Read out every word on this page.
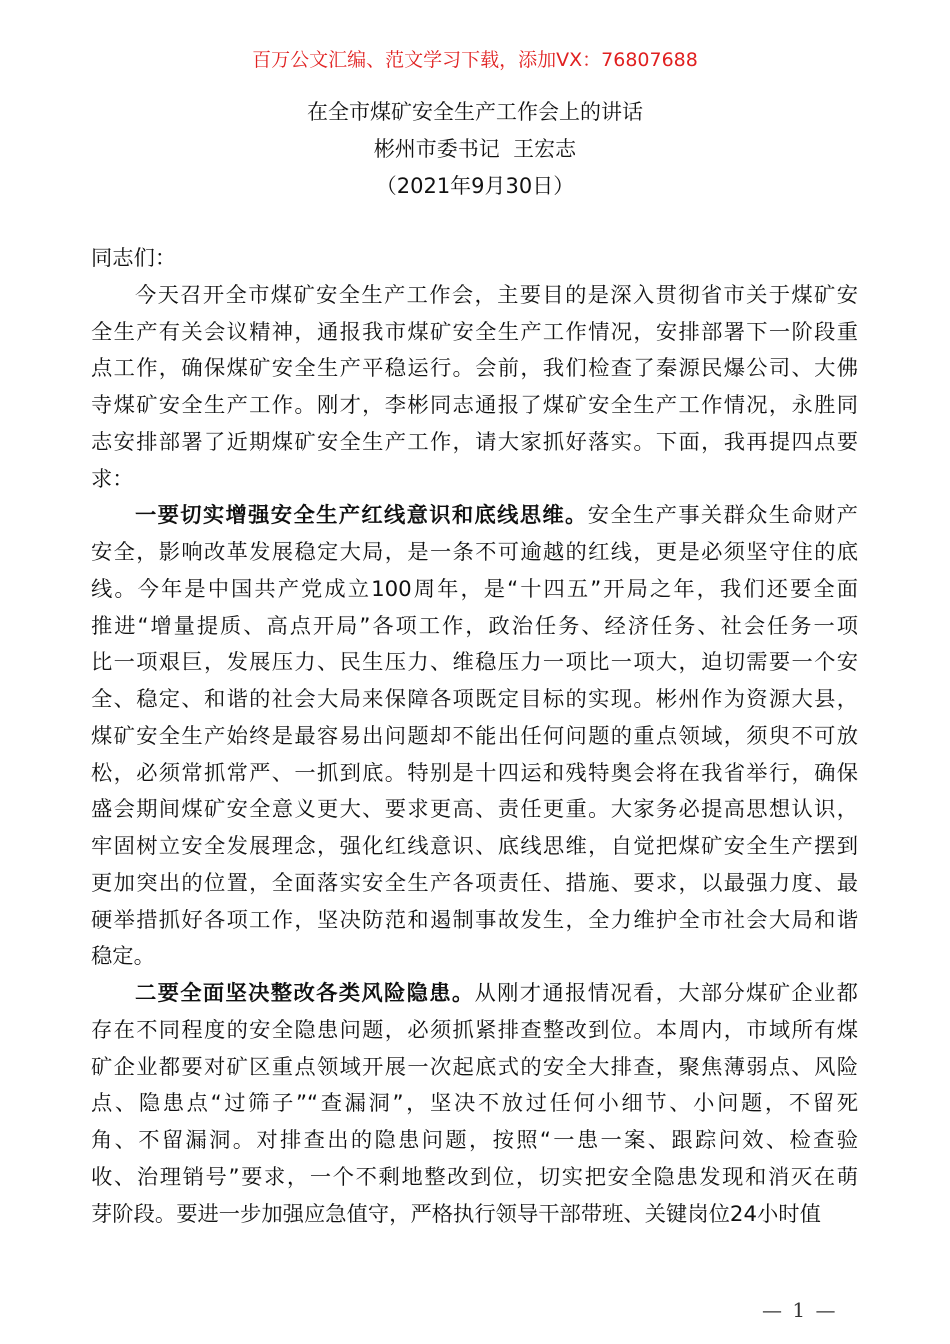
百万公文汇编、范文学习下载，添加VX：76807688
在全市煤矿安全生产工作会上的讲话
彬州市委书记  王宏志
（2021年9月30日）
同志们：
今天召开全市煤矿安全生产工作会，主要目的是深入贯彻省市关于煤矿安
全生产有关会议精神，通报我市煤矿安全生产工作情况，安排部署下一阶段重
点工作，确保煤矿安全生产平稳运行。会前，我们检查了秦源民爆公司、大佛
寺煤矿安全生产工作。刚才，李彬同志通报了煤矿安全生产工作情况，永胜同
志安排部署了近期煤矿安全生产工作，请大家抓好落实。下面，我再提四点要
求：
一要切实增强安全生产红线意识和底线思维。安全生产事关群众生命财产
安全，影响改革发展稳定大局，是一条不可逾越的红线，更是必须坚守住的底
线。今年是中国共产党成立100周年，是“十四五”开局之年，我们还要全面
推进“增量提质、高点开局”各项工作，政治任务、经济任务、社会任务一项
比一项艰巨，发展压力、民生压力、维稳压力一项比一项大，迫切需要一个安
全、稳定、和谐的社会大局来保障各项既定目标的实现。彬州作为资源大县，
煤矿安全生产始终是最容易出问题却不能出任何问题的重点领域，须臾不可放
松，必须常抓常严、一抓到底。特别是十四运和残特奥会将在我省举行，确保
盛会期间煤矿安全意义更大、要求更高、责任更重。大家务必提高思想认识，
牢固树立安全发展理念，强化红线意识、底线思维，自觉把煤矿安全生产摆到
更加突出的位置，全面落实安全生产各项责任、措施、要求，以最强力度、最
硬举措抓好各项工作，坚决防范和遏制事故发生，全力维护全市社会大局和谐
稳定。
二要全面坚决整改各类风险隐患。从刚才通报情况看，大部分煤矿企业都
存在不同程度的安全隐患问题，必须抓紧排查整改到位。本周内，市域所有煤
矿企业都要对矿区重点领域开展一次起底式的安全大排查，聚焦薄弱点、风险
点、隐患点“过筛子”“查漏洞”，坚决不放过任何小细节、小问题，不留死
角、不留漏洞。对排查出的隐患问题，按照“一患一案、跟踪问效、检查验
收、治理销号”要求，一个不剩地整改到位，切实把安全隐患发现和消灭在萌
芽阶段。要进一步加强应急值守，严格执行领导干部带班、关键岗位24小时值
— 1 —
